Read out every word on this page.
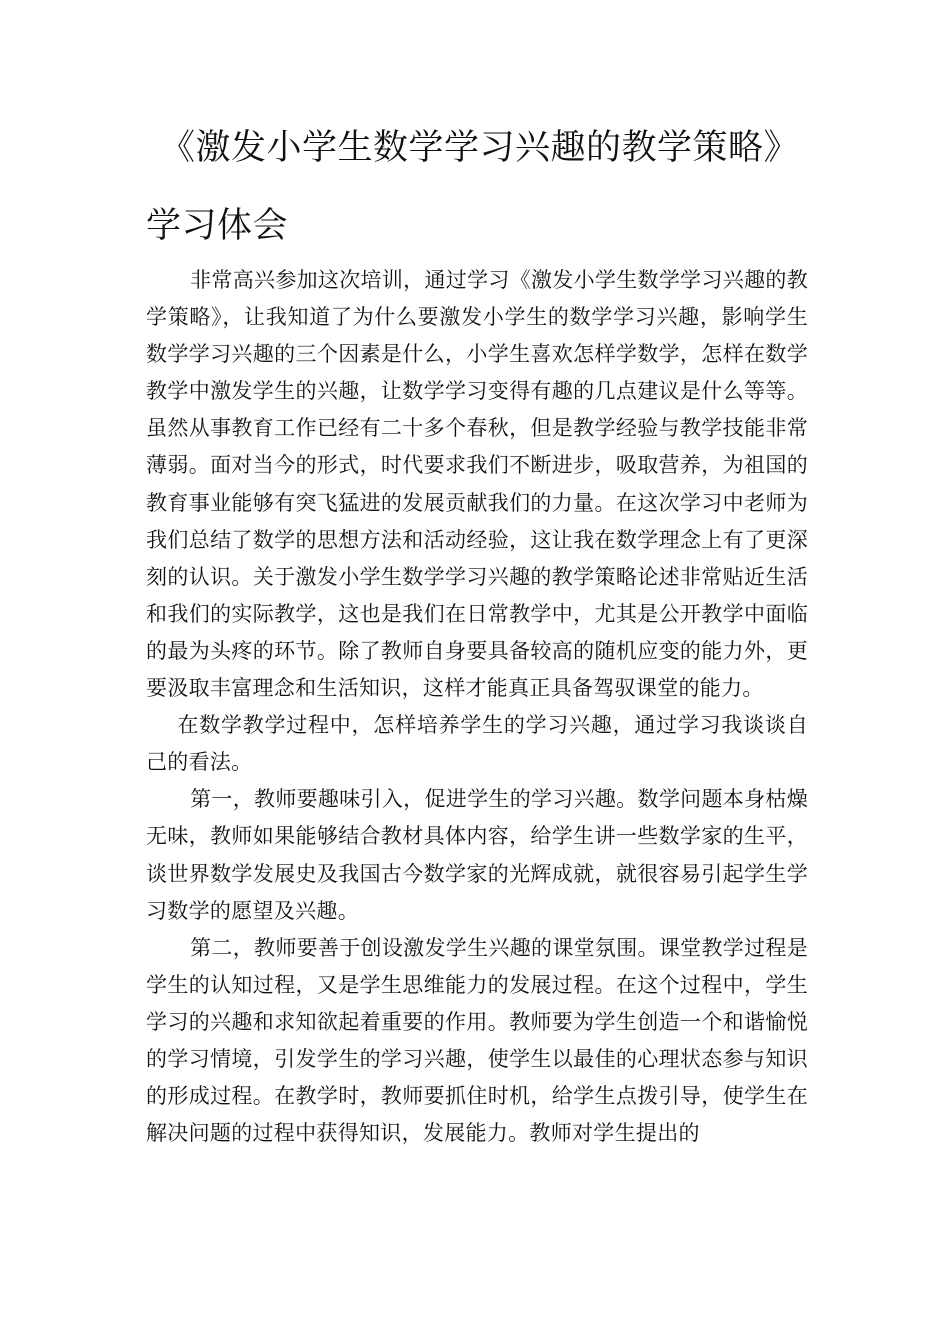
《激发小学生数学学习兴趣的教学策略》
学习体会

非常高兴参加这次培训，通过学习《激发小学生数学学习兴趣的教学策略》，让我知道了为什么要激发小学生的数学学习兴趣，影响学生数学学习兴趣的三个因素是什么，小学生喜欢怎样学数学，怎样在数学教学中激发学生的兴趣，让数学学习变得有趣的几点建议是什么等等。虽然从事教育工作已经有二十多个春秋，但是教学经验与教学技能非常薄弱。面对当今的形式，时代要求我们不断进步，吸取营养，为祖国的教育事业能够有突飞猛进的发展贡献我们的力量。在这次学习中老师为我们总结了数学的思想方法和活动经验，这让我在数学理念上有了更深刻的认识。关于激发小学生数学学习兴趣的教学策略论述非常贴近生活和我们的实际教学，这也是我们在日常教学中，尤其是公开教学中面临的最为头疼的环节。除了教师自身要具备较高的随机应变的能力外，更要汲取丰富理念和生活知识，这样才能真正具备驾驭课堂的能力。

在数学教学过程中，怎样培养学生的学习兴趣，通过学习我谈谈自己的看法。

第一，教师要趣味引入，促进学生的学习兴趣。数学问题本身枯燥无味，教师如果能够结合教材具体内容，给学生讲一些数学家的生平，谈世界数学发展史及我国古今数学家的光辉成就，就很容易引起学生学习数学的愿望及兴趣。

第二，教师要善于创设激发学生兴趣的课堂氛围。课堂教学过程是学生的认知过程，又是学生思维能力的发展过程。在这个过程中，学生学习的兴趣和求知欲起着重要的作用。教师要为学生创造一个和谐愉悦的学习情境，引发学生的学习兴趣，使学生以最佳的心理状态参与知识的形成过程。在教学时，教师要抓住时机，给学生点拨引导，使学生在解决问题的过程中获得知识，发展能力。教师对学生提出的
